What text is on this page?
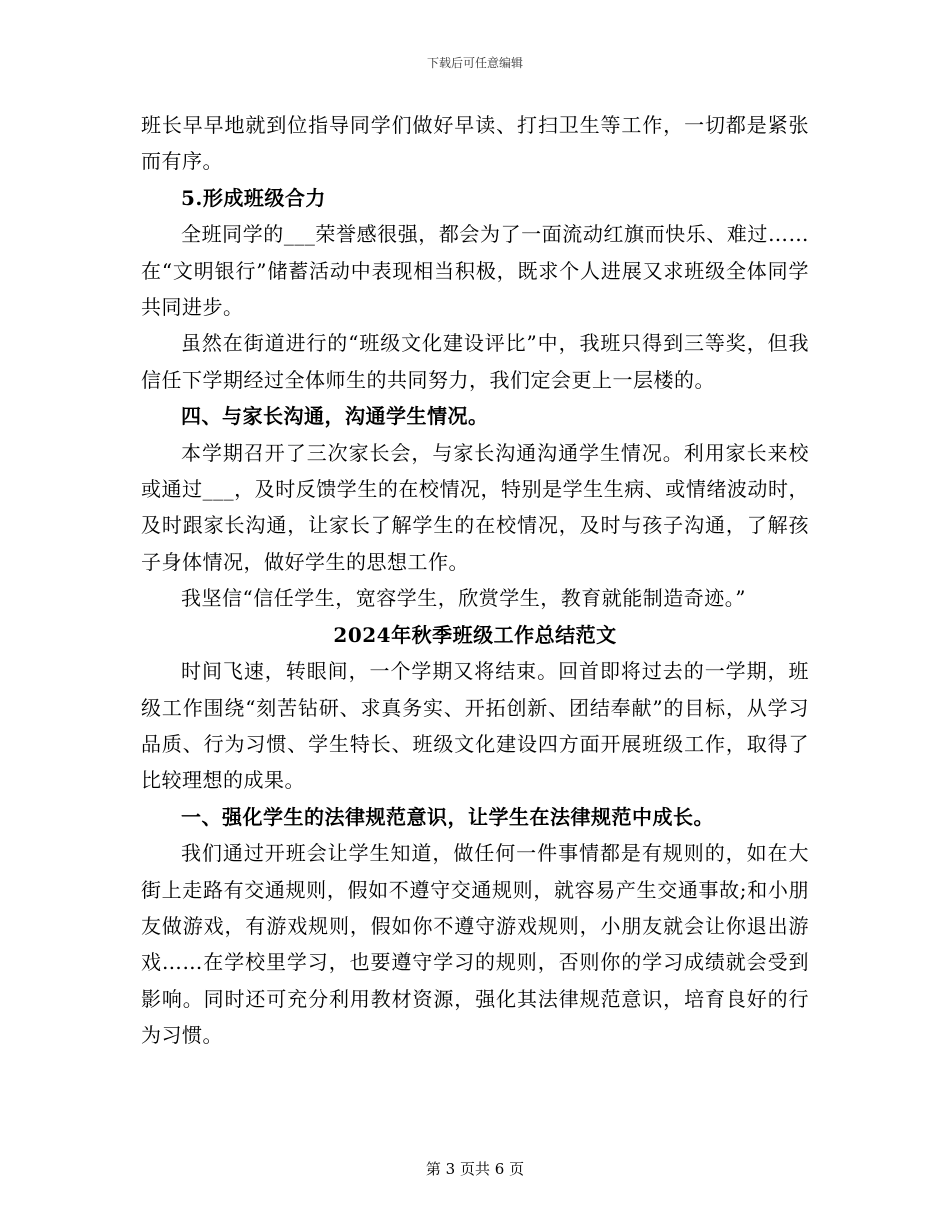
下载后可任意编辑

班长早早地就到位指导同学们做好早读、打扫卫生等工作，一切都是紧张而有序。

5.形成班级合力

全班同学的___荣誉感很强，都会为了一面流动红旗而快乐、难过……在“文明银行”储蓄活动中表现相当积极，既求个人进展又求班级全体同学共同进步。

虽然在街道进行的“班级文化建设评比”中，我班只得到三等奖，但我信任下学期经过全体师生的共同努力，我们定会更上一层楼的。

四、与家长沟通，沟通学生情况。

本学期召开了三次家长会，与家长沟通沟通学生情况。利用家长来校或通过___，及时反馈学生的在校情况，特别是学生生病、或情绪波动时，及时跟家长沟通，让家长了解学生的在校情况，及时与孩子沟通，了解孩子身体情况，做好学生的思想工作。

我坚信“信任学生，宽容学生，欣赏学生，教育就能制造奇迹。”

2024年秋季班级工作总结范文

时间飞速，转眼间，一个学期又将结束。回首即将过去的一学期，班级工作围绕“刻苦钻研、求真务实、开拓创新、团结奉献”的目标，从学习品质、行为习惯、学生特长、班级文化建设四方面开展班级工作，取得了比较理想的成果。

一、强化学生的法律规范意识，让学生在法律规范中成长。

我们通过开班会让学生知道，做任何一件事情都是有规则的，如在大街上走路有交通规则，假如不遵守交通规则，就容易产生交通事故;和小朋友做游戏，有游戏规则，假如你不遵守游戏规则，小朋友就会让你退出游戏……在学校里学习，也要遵守学习的规则，否则你的学习成绩就会受到影响。同时还可充分利用教材资源，强化其法律规范意识，培育良好的行为习惯。

第 3 页共 6 页
